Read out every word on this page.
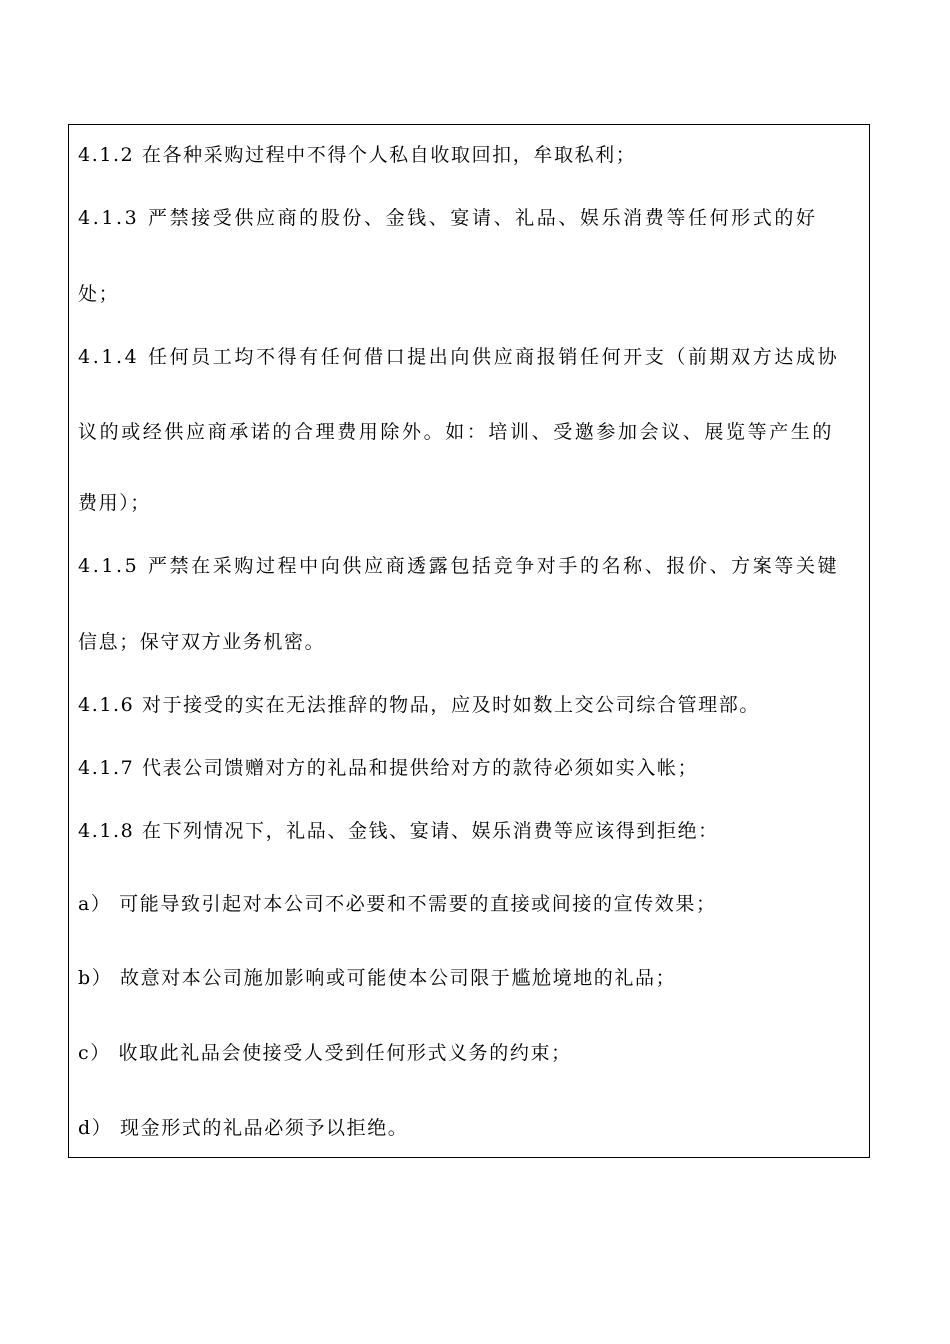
4.1.2 在各种采购过程中不得个人私自收取回扣，牟取私利；
4.1.3 严禁接受供应商的股份、金钱、宴请、礼品、娱乐消费等任何形式的好
处；
4.1.4 任何员工均不得有任何借口提出向供应商报销任何开支（前期双方达成协
议的或经供应商承诺的合理费用除外。如：培训、受邀参加会议、展览等产生的
费用）；
4.1.5 严禁在采购过程中向供应商透露包括竞争对手的名称、报价、方案等关键
信息；保守双方业务机密。
4.1.6 对于接受的实在无法推辞的物品，应及时如数上交公司综合管理部。
4.1.7 代表公司馈赠对方的礼品和提供给对方的款待必须如实入帐；
4.1.8 在下列情况下，礼品、金钱、宴请、娱乐消费等应该得到拒绝：
a） 可能导致引起对本公司不必要和不需要的直接或间接的宣传效果；
b） 故意对本公司施加影响或可能使本公司限于尴尬境地的礼品；
c） 收取此礼品会使接受人受到任何形式义务的约束；
d） 现金形式的礼品必须予以拒绝。
